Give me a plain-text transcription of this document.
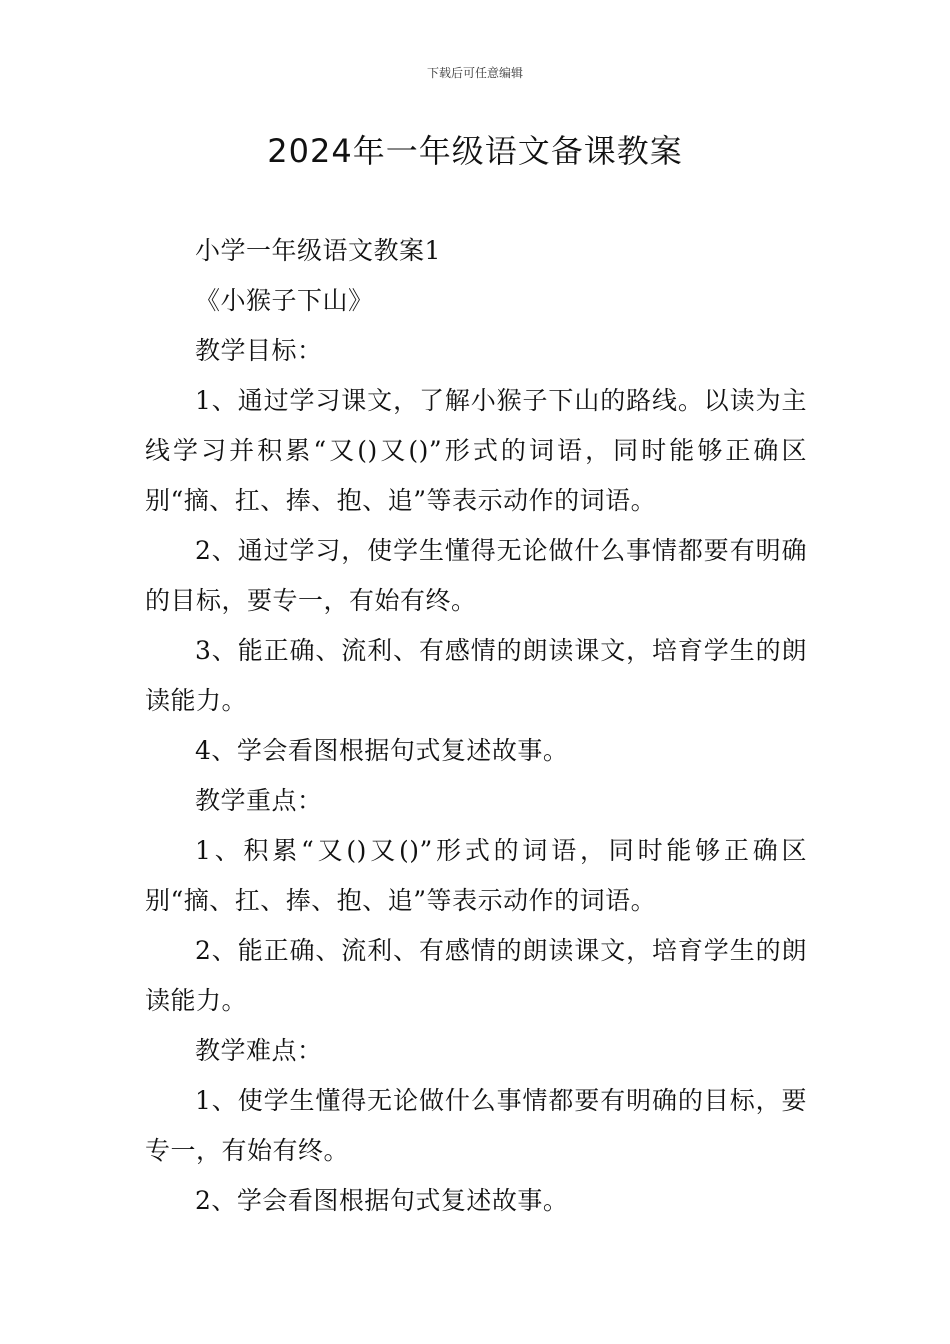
下载后可任意编辑
2024年一年级语文备课教案

小学一年级语文教案1

《小猴子下山》

教学目标：

1、通过学习课文，了解小猴子下山的路线。以读为主线学习并积累“又()又()”形式的词语，同时能够正确区别“摘、扛、捧、抱、追”等表示动作的词语。

2、通过学习，使学生懂得无论做什么事情都要有明确的目标，要专一，有始有终。

3、能正确、流利、有感情的朗读课文，培育学生的朗读能力。

4、学会看图根据句式复述故事。

教学重点：

1、积累“又()又()”形式的词语，同时能够正确区别“摘、扛、捧、抱、追”等表示动作的词语。

2、能正确、流利、有感情的朗读课文，培育学生的朗读能力。

教学难点：

1、使学生懂得无论做什么事情都要有明确的目标，要专一，有始有终。

2、学会看图根据句式复述故事。
